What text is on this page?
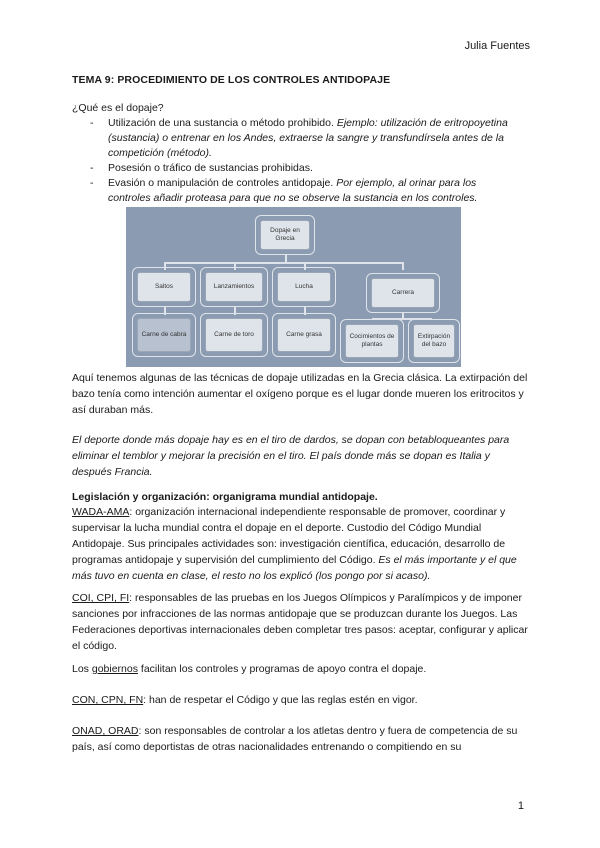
Julia Fuentes
TEMA 9: PROCEDIMIENTO DE LOS CONTROLES ANTIDOPAJE
¿Qué es el dopaje?
- Utilización de una sustancia o método prohibido. Ejemplo: utilización de eritropoyetina (sustancia) o entrenar en los Andes, extraerse la sangre y transfundírsela antes de la competición (método).
- Posesión o tráfico de sustancias prohibidas.
- Evasión o manipulación de controles antidopaje. Por ejemplo, al orinar para los controles añadir proteasa para que no se observe la sustancia en los controles.
Dopaje en Grecia
Saltos	Lanzamientos	Lucha
Carrera
Carne de cabra	Carne de toro	Carne grasa	Cocimientos de plantas
Extirpación del bazo
Aquí tenemos algunas de las técnicas de dopaje utilizadas en la Grecia clásica. La extirpación del bazo tenía como intención aumentar el oxígeno porque es el lugar donde mueren los eritrocitos y así duraban más.
El deporte donde más dopaje hay es en el tiro de dardos, se dopan con betabloqueantes para eliminar el temblor y mejorar la precisión en el tiro. El país donde más se dopan es Italia y después Francia.
Legislación y organización: organigrama mundial antidopaje.
WADA-AMA: organización internacional independiente responsable de promover, coordinar y supervisar la lucha mundial contra el dopaje en el deporte. Custodio del Código Mundial Antidopaje. Sus principales actividades son: investigación científica, educación, desarrollo de programas antidopaje y supervisión del cumplimiento del Código. Es el más importante y el que más tuvo en cuenta en clase, el resto no los explicó (los pongo por si acaso).
COI, CPI, FI: responsables de las pruebas en los Juegos Olímpicos y Paralímpicos y de imponer sanciones por infracciones de las normas antidopaje que se produzcan durante los Juegos. Las Federaciones deportivas internacionales deben completar tres pasos: aceptar, configurar y aplicar el código.
Los gobiernos facilitan los controles y programas de apoyo contra el dopaje.
CON, CPN, FN: han de respetar el Código y que las reglas estén en vigor.
ONAD, ORAD: son responsables de controlar a los atletas dentro y fuera de competencia de su país, así como deportistas de otras nacionalidades entrenando o compitiendo en su
1
